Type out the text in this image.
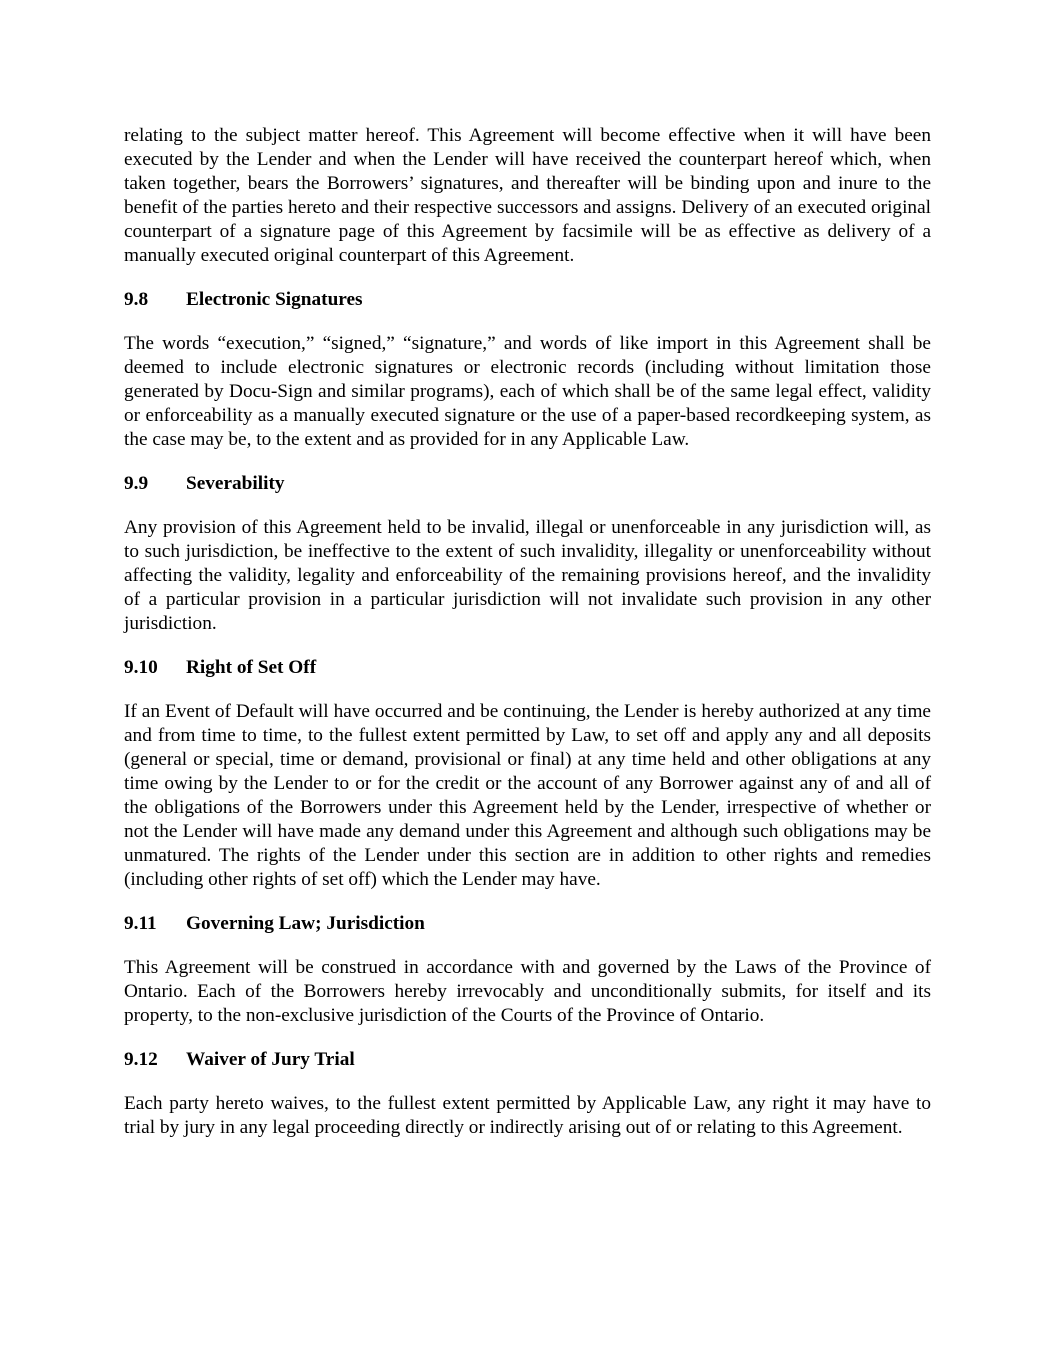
relating to the subject matter hereof. This Agreement will become effective when it will have been executed by the Lender and when the Lender will have received the counterpart hereof which, when taken together, bears the Borrowers’ signatures, and thereafter will be binding upon and inure to the benefit of the parties hereto and their respective successors and assigns. Delivery of an executed original counterpart of a signature page of this Agreement by facsimile will be as effective as delivery of a manually executed original counterpart of this Agreement.

9.8	Electronic Signatures

The words “execution,” “signed,” “signature,” and words of like import in this Agreement shall be deemed to include electronic signatures or electronic records (including without limitation those generated by Docu-Sign and similar programs), each of which shall be of the same legal effect, validity or enforceability as a manually executed signature or the use of a paper-based recordkeeping system, as the case may be, to the extent and as provided for in any Applicable Law.

9.9	Severability

Any provision of this Agreement held to be invalid, illegal or unenforceable in any jurisdiction will, as to such jurisdiction, be ineffective to the extent of such invalidity, illegality or unenforceability without affecting the validity, legality and enforceability of the remaining provisions hereof, and the invalidity of a particular provision in a particular jurisdiction will not invalidate such provision in any other jurisdiction.

9.10	Right of Set Off

If an Event of Default will have occurred and be continuing, the Lender is hereby authorized at any time and from time to time, to the fullest extent permitted by Law, to set off and apply any and all deposits (general or special, time or demand, provisional or final) at any time held and other obligations at any time owing by the Lender to or for the credit or the account of any Borrower against any of and all of the obligations of the Borrowers under this Agreement held by the Lender, irrespective of whether or not the Lender will have made any demand under this Agreement and although such obligations may be unmatured. The rights of the Lender under this section are in addition to other rights and remedies (including other rights of set off) which the Lender may have.

9.11	Governing Law; Jurisdiction

This Agreement will be construed in accordance with and governed by the Laws of the Province of Ontario. Each of the Borrowers hereby irrevocably and unconditionally submits, for itself and its property, to the non-exclusive jurisdiction of the Courts of the Province of Ontario.

9.12	Waiver of Jury Trial

Each party hereto waives, to the fullest extent permitted by Applicable Law, any right it may have to trial by jury in any legal proceeding directly or indirectly arising out of or relating to this Agreement.
